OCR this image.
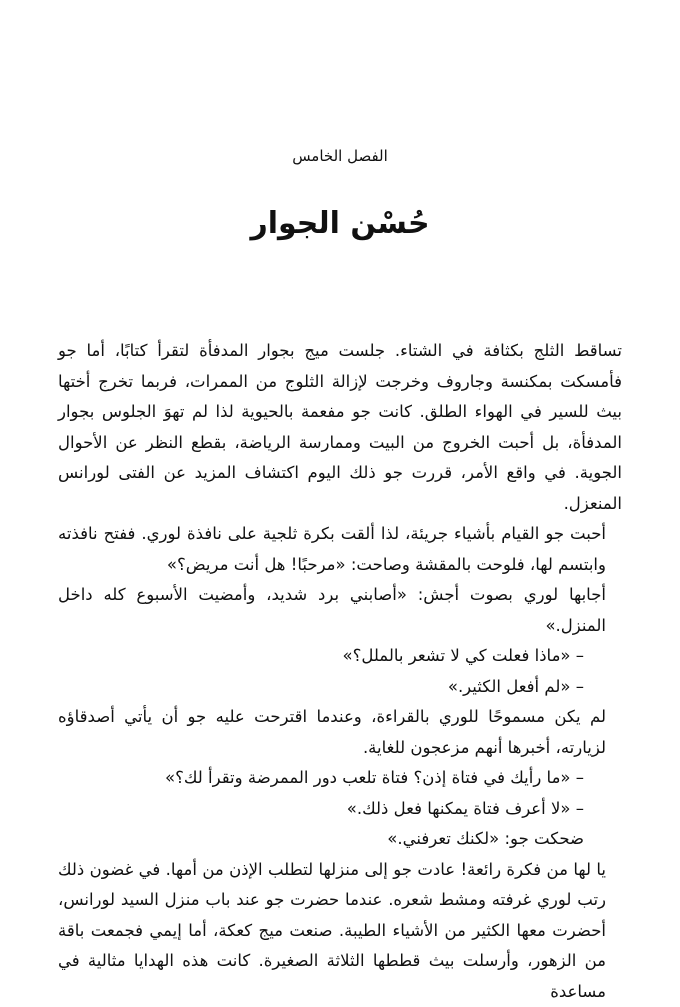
الفصل الخامس
حُسْن الجوار

تساقط الثلج بكثافة في الشتاء. جلست ميج بجوار المدفأة لتقرأ كتابًا، أما جو فأمسكت بمكنسة وجاروف وخرجت لإزالة الثلوج من الممرات، فربما تخرج أختها بيث للسير في الهواء الطلق. كانت جو مفعمة بالحيوية لذا لم تهوَ الجلوس بجوار المدفأة، بل أحبت الخروج من البيت وممارسة الرياضة، بقطع النظر عن الأحوال الجوية. في واقع الأمر، قررت جو ذلك اليوم اكتشاف المزيد عن الفتى لورانس المنعزل.

أحبت جو القيام بأشياء جريئة، لذا ألقت بكرة ثلجية على نافذة لوري. ففتح نافذته وابتسم لها، فلوحت بالمقشة وصاحت: «مرحبًا! هل أنت مريض؟»

أجابها لوري بصوت أجش: «أصابني برد شديد، وأمضيت الأسبوع كله داخل المنزل.»

– «ماذا فعلت كي لا تشعر بالملل؟»

– «لم أفعل الكثير.»

لم يكن مسموحًا للوري بالقراءة، وعندما اقترحت عليه جو أن يأتي أصدقاؤه لزيارته، أخبرها أنهم مزعجون للغاية.

– «ما رأيك في فتاة إذن؟ فتاة تلعب دور الممرضة وتقرأ لك؟»

– «لا أعرف فتاة يمكنها فعل ذلك.»

ضحكت جو: «لكنك تعرفني.»

يا لها من فكرة رائعة! عادت جو إلى منزلها لتطلب الإذن من أمها. في غضون ذلك رتب لوري غرفته ومشط شعره. عندما حضرت جو عند باب منزل السيد لورانس، أحضرت معها الكثير من الأشياء الطيبة. صنعت ميج كعكة، أما إيمي فجمعت باقة من الزهور، وأرسلت بيث قططها الثلاثة الصغيرة. كانت هذه الهدايا مثالية في مساعدة
